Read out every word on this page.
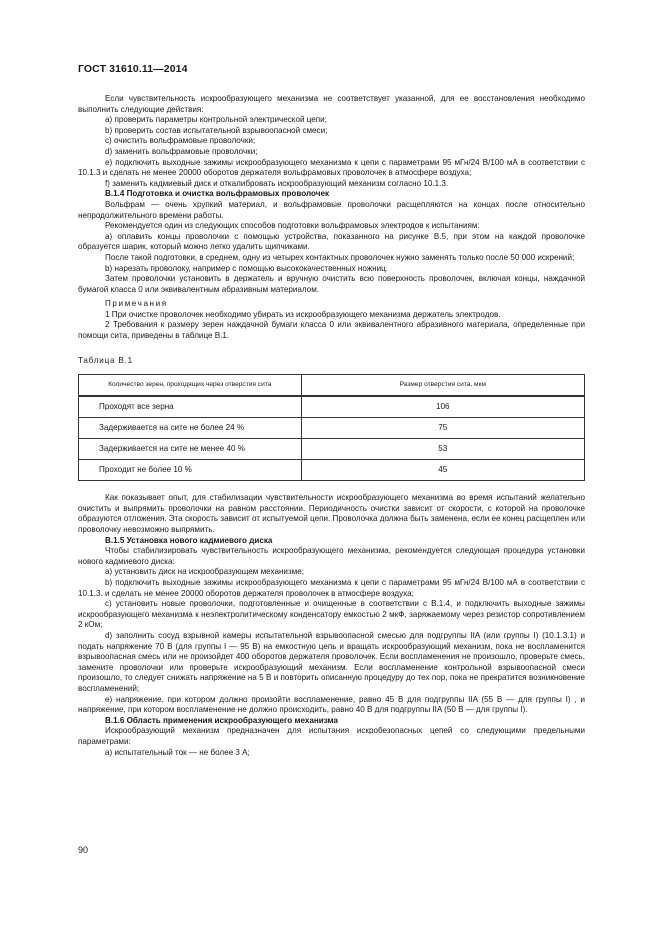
ГОСТ 31610.11—2014

Если чувствительность искрообразующего механизма не соответствует указанной, для ее восстановления необходимо выполнить следующие действия:

а) проверить параметры контрольной электрической цепи;

b) проверить состав испытательной взрывоопасной смеси;

c) очистить вольфрамовые проволочки;

d) заменить вольфрамовые проволочки;

e) подключить выходные зажимы искрообразующего механизма к цепи с параметрами 95 мГн/24 В/100 мА в соответствии с 10.1.3 и сделать не менее 20000 оборотов держателя вольфрамовых проволочек в атмосфере воздуха;

f) заменить кадмиевый диск и откалибровать искрообразующий механизм согласно 10.1.3.

В.1.4 Подготовка и очистка вольфрамовых проволочек

Вольфрам — очень хрупкий материал, и вольфрамовые проволочки расщепляются на концах после относительно непродолжительного времени работы.

Рекомендуется один из следующих способов подготовки вольфрамовых электродов к испытаниям:

а) оплавить концы проволочки с помощью устройства, показанного на рисунке В.5, при этом на каждой проволочке образуется шарик, который можно легко удалить щипчиками.

После такой подготовки, в среднем, одну из четырех контактных проволочек нужно заменять только после 50 000 искрений;

b) нарезать проволоку, например с помощью высококачественных ножниц.

Затем проволочки установить в держатель и вручную очистить всю поверхность проволочек, включая концы, наждачной бумагой класса 0 или эквивалентным абразивным материалом.

Примечания

1 При очистке проволочек необходимо убирать из искрообразующего механизма держатель электродов.

2 Требования к размеру зерен наждачной бумаги класса 0 или эквивалентного абразивного материала, определенные при помощи сита, приведены в таблице В.1.

Таблица В.1

Количество зерен, проходящих через отверстия сита	Размер отверстия сита, мкм
Проходят все зерна	106
Задерживается на сите не более 24 %	75
Задерживается на сите не менее 40 %	53
Проходит не более 10 %	45

Как показывает опыт, для стабилизации чувствительности искрообразующего механизма во время испытаний желательно очистить и выпрямить проволочки на равном расстоянии. Периодичность очистки зависит от скорости, с которой на проволочке образуются отложения. Эта скорость зависит от испытуемой цепи. Проволочка должна быть заменена, если ее конец расщеплен или проволочку невозможно выпрямить.

В.1.5 Установка нового кадмиевого диска

Чтобы стабилизировать чувствительность искрообразующего механизма, рекомендуется следующая процедура установки нового кадмиевого диска:

а) установить диск на искрообразующем механизме;

b) подключить выходные зажимы искрообразующего механизма к цепи с параметрами 95 мГн/24 В/100 мА в соответствии с 10.1.3. и сделать не менее 20000 оборотов держателя проволочек в атмосфере воздуха;

c) установить новые проволочки, подготовленные и очищенные в соответствии с В.1.4, и подключить выходные зажимы искрообразующего механизма к неэлектролитическому конденсатору емкостью 2 мкФ, заряжаемому через резистор сопротивлением 2 кОм;

d) заполнить сосуд взрывной камеры испытательной взрывоопасной смесью для подгруппы IIA (или группы I) (10.1.3.1) и подать напряжение 70 В (для группы I — 95 В) на емкостную цепь и вращать искрообразующий механизм, пока не воспламенится взрывоопасная смесь или не произойдет 400 оборотов держателя проволочек. Если воспламенения не произошло, проверьте смесь, замените проволочки или проверьте искрообразующий механизм. Если воспламенение контрольной взрывоопасной смеси произошло, то следует снижать напряжение на 5 В и повторить описанную процедуру до тех пор, пока не прекратится возникновение воспламенений;

e) напряжение, при котором должно произойти воспламенение, равно 45 В для подгруппы IIA (55 В — для группы I) , и напряжение, при котором воспламенение не должно происходить, равно 40 В для подгруппы IIA (50 В — для группы I).

В.1.6 Область применения искрообразующего механизма

Искрообразующий механизм предназначен для испытания искробезопасных цепей со следующими предельными параметрами:

а) испытательный ток — не более 3 А;

90
